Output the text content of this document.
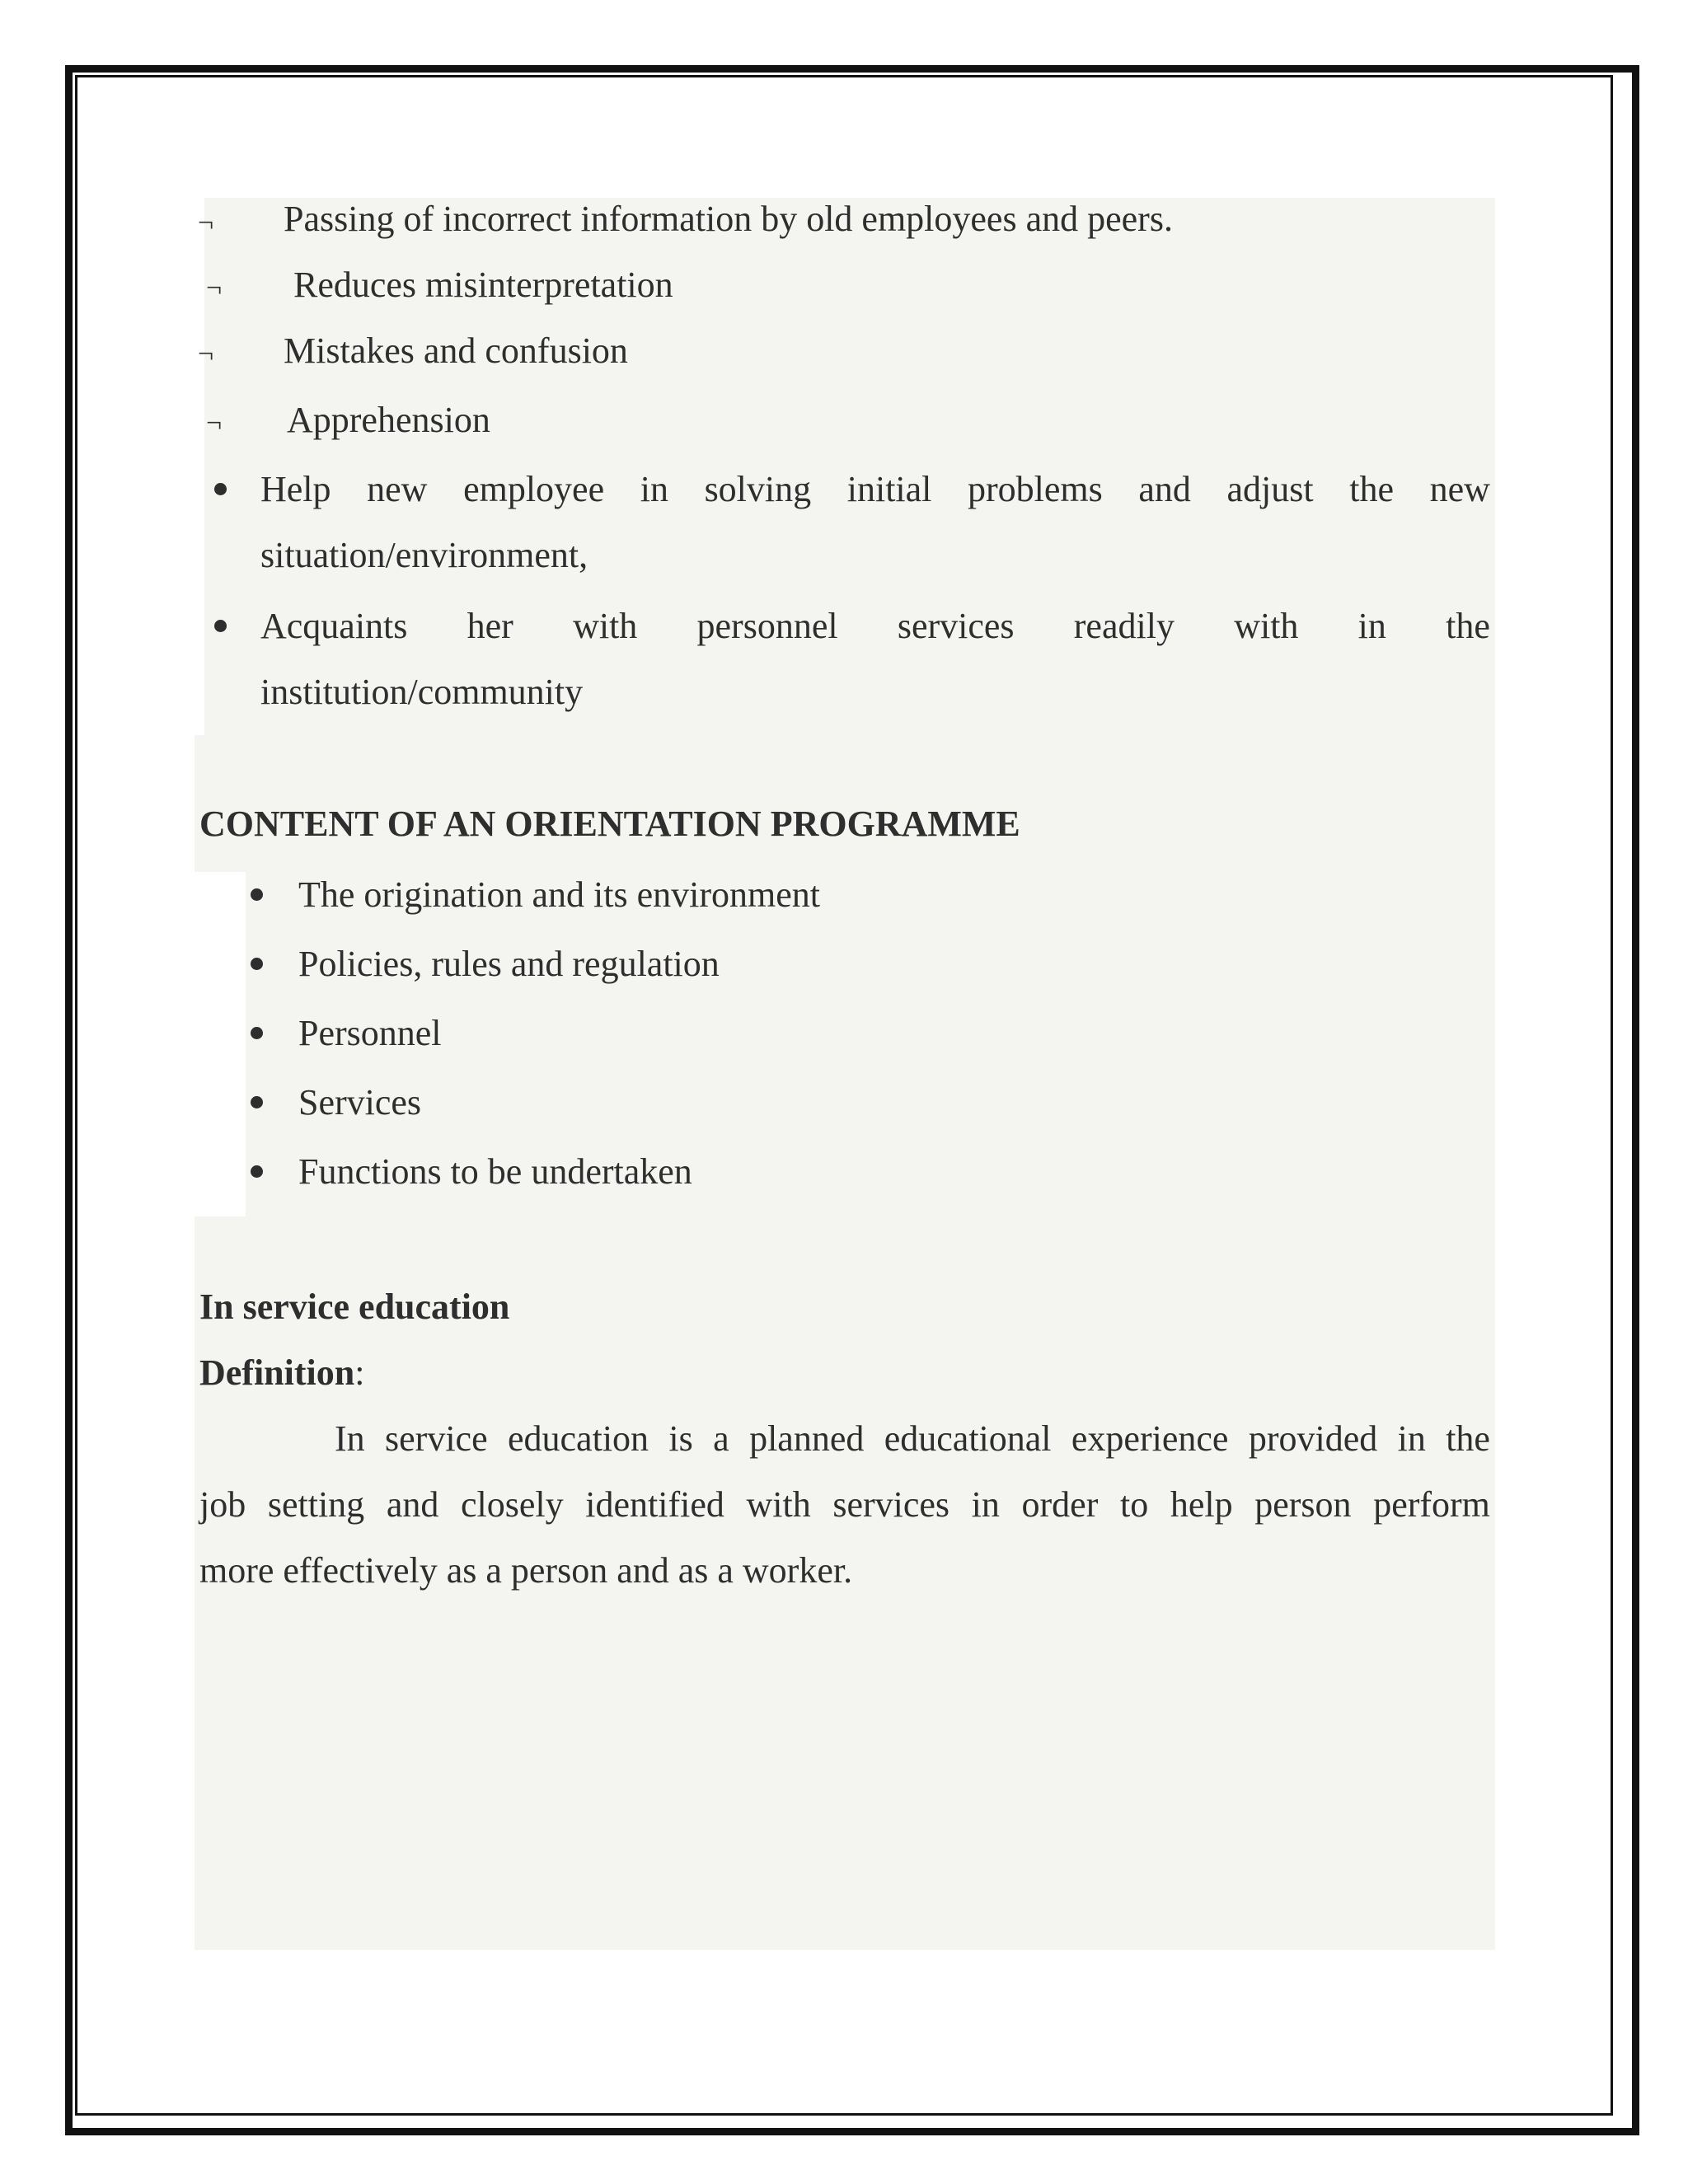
¬ Passing of incorrect information by old employees and peers.
¬ Reduces misinterpretation
¬ Mistakes and confusion
¬ Apprehension
Help new employee in solving initial problems and adjust the new
situation/environment,
Acquaints her with personnel services readily with in the
institution/community
CONTENT OF AN ORIENTATION PROGRAMME
The origination and its environment
Policies, rules and regulation
Personnel
Services
Functions to be undertaken
In service education
Definition:
In service education is a planned educational experience provided in the
job setting and closely identified with services in order to help person perform
more effectively as a person and as a worker.
